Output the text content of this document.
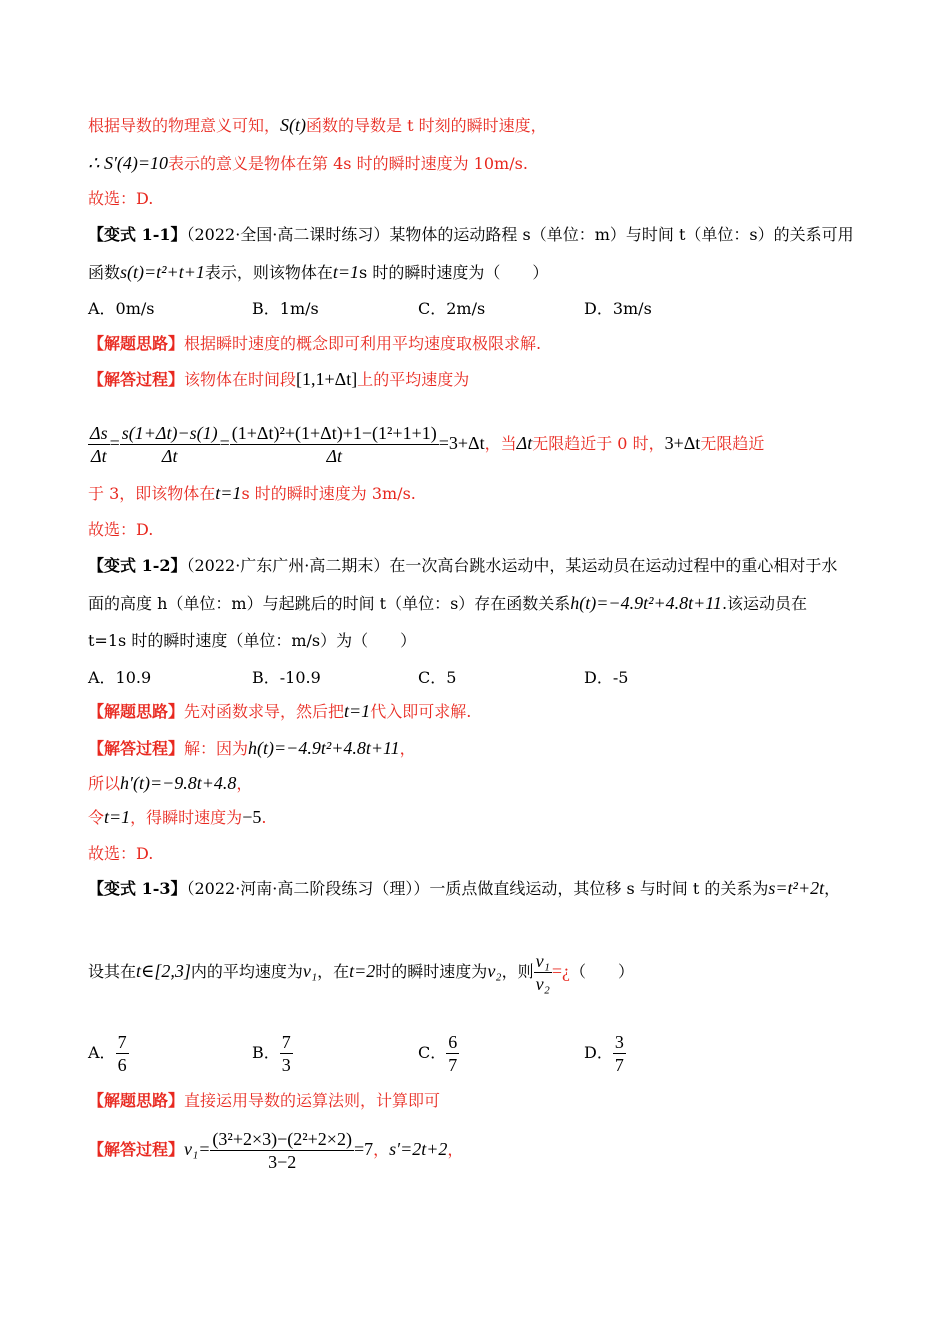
根据导数的物理意义可知，S(t)函数的导数是 t 时刻的瞬时速度，
∴ S′(4)=10表示的意义是物体在第 4s 时的瞬时速度为 10m/s.
故选：D.
【变式 1-1】（2022·全国·高二课时练习）某物体的运动路程 s（单位：m）与时间 t（单位：s）的关系可用
函数s(t)=t²+t+1表示，则该物体在t=1s 时的瞬时速度为（　　）
A．0m/s	B．1m/s	C．2m/s	D．3m/s
【解题思路】根据瞬时速度的概念即可利用平均速度取极限求解.
【解答过程】该物体在时间段[1,1+Δt]上的平均速度为
$\frac{\Delta s}{\Delta t} = \frac{s(1+\Delta t)-s(1)}{\Delta t} = \frac{\text{(1+Δt)²+(1+Δt)+1−(1²+1+1)}}{\Delta t} =3+\Delta t$，当Δt无限趋近于 0 时，3+Δt无限趋近
于 3，即该物体在t=1s 时的瞬时速度为 3m/s.
故选：D.
【变式 1-2】（2022·广东广州·高二期末）在一次高台跳水运动中，某运动员在运动过程中的重心相对于水
面的高度 h（单位：m）与起跳后的时间 t（单位：s）存在函数关系h(t)=−4.9t²+4.8t+11.该运动员在
t=1s 时的瞬时速度（单位：m/s）为（　　）
A．10.9	B．-10.9	C．5	D．-5
【解题思路】先对函数求导，然后把t=1代入即可求解.
【解答过程】解：因为h(t)=−4.9t²+4.8t+11，
所以h′(t)=−9.8t+4.8，
令t=1，得瞬时速度为−5.
故选：D.
【变式 1-3】（2022·河南·高二阶段练习（理））一质点做直线运动，其位移 s 与时间 t 的关系为s=t²+2t，
设其在t∈[2,3]内的平均速度为v₁，在t=2时的瞬时速度为v₂，则 $\frac{\text{v₁}}{\text{v₂}}$ =¿（　　）
A． $\frac{7}{6}$	B． $\frac{7}{3}$	C． $\frac{6}{7}$	D． $\frac{3}{7}$
【解题思路】直接运用导数的运算法则，计算即可
【解答过程】$v_1= \frac{\text{(3²+2×3)−(2²+2×2)}}{3-2} =7$，s′=2t+2，
